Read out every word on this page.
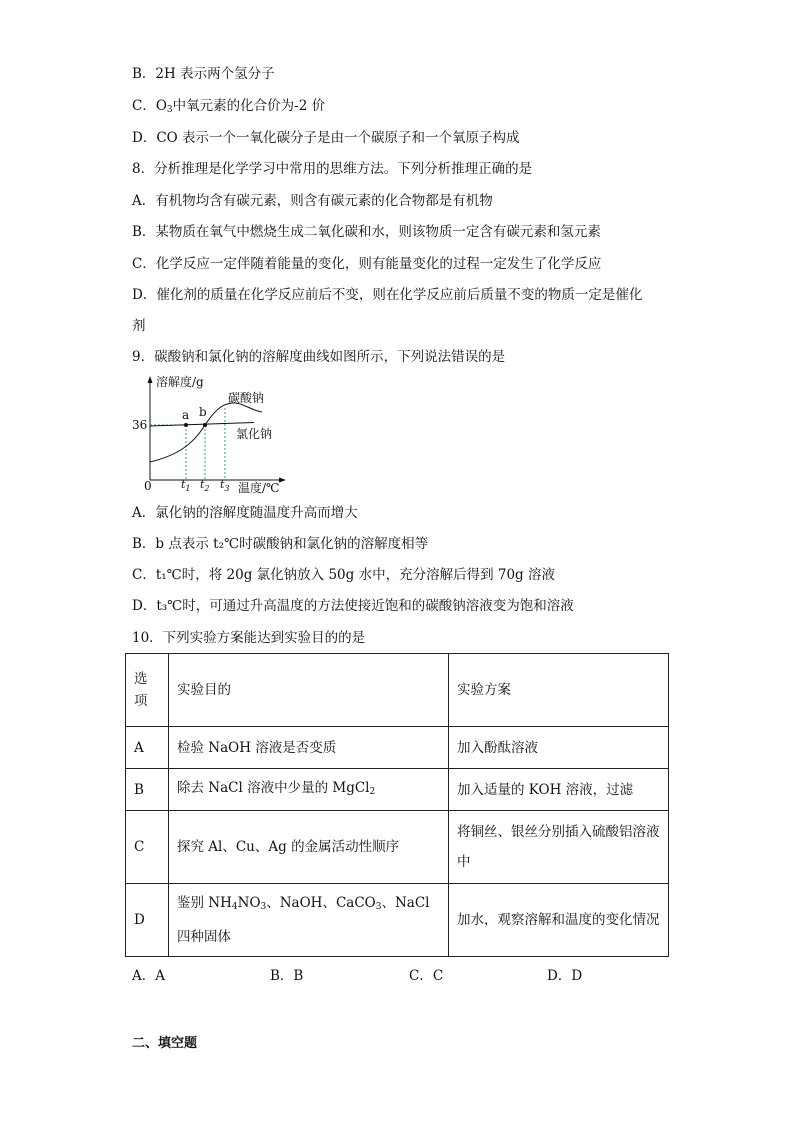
B．2H 表示两个氢分子
C．$O_3$中氧元素的化合价为-2 价
D．CO 表示一个一氧化碳分子是由一个碳原子和一个氧原子构成
8．分析推理是化学学习中常用的思维方法。下列分析推理正确的是
A．有机物均含有碳元素，则含有碳元素的化合物都是有机物
B．某物质在氧气中燃烧生成二氧化碳和水，则该物质一定含有碳元素和氢元素
C．化学反应一定伴随着能量的变化，则有能量变化的过程一定发生了化学反应
D．催化剂的质量在化学反应前后不变，则在化学反应前后质量不变的物质一定是催化
剂
9．碳酸钠和氯化钠的溶解度曲线如图所示，下列说法错误的是
溶解度/g
温度/℃
0
36
a b
碳酸钠
氯化钠
$t_1$ $t_2$ $t_3$
A．氯化钠的溶解度随温度升高而增大
B．b 点表示 t₂℃时碳酸钠和氯化钠的溶解度相等
C．t₁℃时，将 20g 氯化钠放入 50g 水中，充分溶解后得到 70g 溶液
D．t₃℃时，可通过升高温度的方法使接近饱和的碳酸钠溶液变为饱和溶液
10．下列实验方案能达到实验目的的是
选项	实验目的	实验方案
A	检验 NaOH 溶液是否变质	加入酚酞溶液
B	除去 NaCl 溶液中少量的 MgCl$_2$	加入适量的 KOH 溶液，过滤
C	探究 Al、Cu、Ag 的金属活动性顺序	将铜丝、银丝分别插入硫酸铝溶液中
D	鉴别 $NH_4NO_3$、NaOH、CaCO$_3$、NaCl 四种固体	加水，观察溶解和温度的变化情况
A．A	B．B	C．C	D．D
二、填空题
